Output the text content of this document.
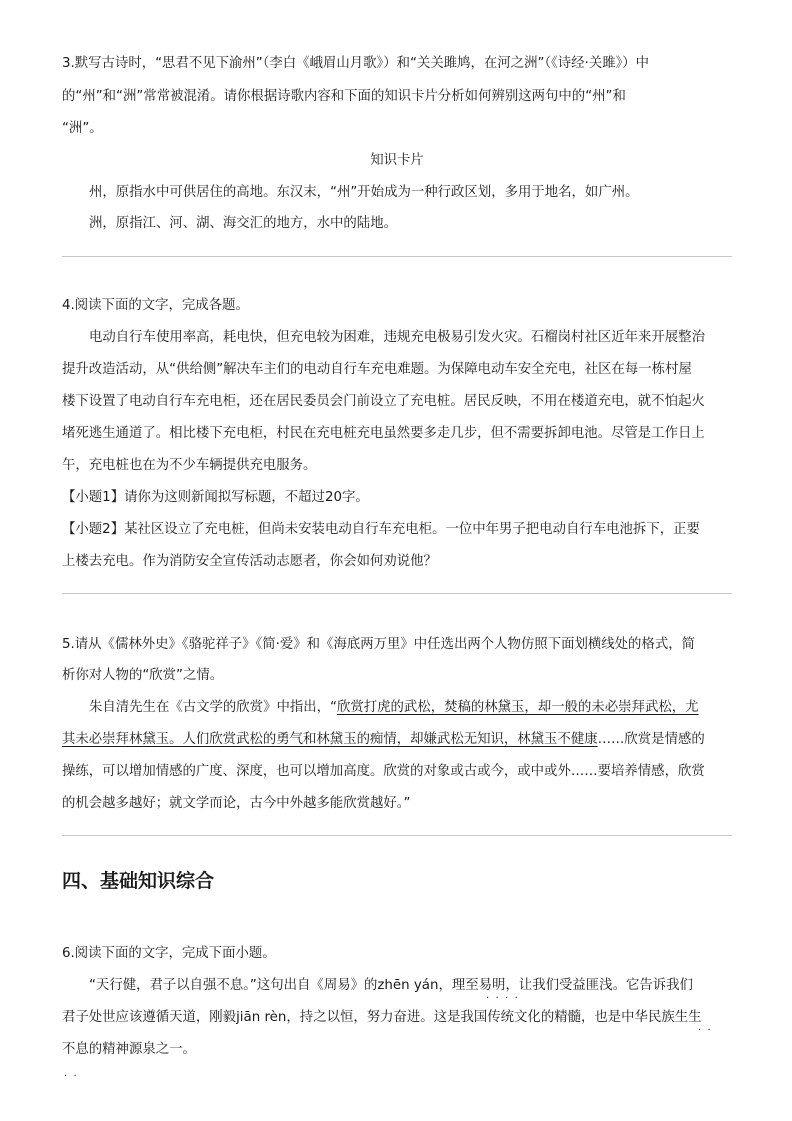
3.默写古诗时，“思君不见下渝州”（李白《峨眉山月歌》）和“关关雎鸠，在河之洲”（《诗经·关雎》）中
的“州”和“洲”常常被混淆。请你根据诗歌内容和下面的知识卡片分析如何辨别这两句中的“州”和
“洲”。
知识卡片
州，原指水中可供居住的高地。东汉末，“州”开始成为一种行政区划，多用于地名，如广州。
洲，原指江、河、湖、海交汇的地方，水中的陆地。
4.阅读下面的文字，完成各题。
电动自行车使用率高，耗电快，但充电较为困难，违规充电极易引发火灾。石榴岗村社区近年来开展整治
提升改造活动，从“供给侧”解决车主们的电动自行车充电难题。为保障电动车安全充电，社区在每一栋村屋
楼下设置了电动自行车充电柜，还在居民委员会门前设立了充电桩。居民反映，不用在楼道充电，就不怕起火
堵死逃生通道了。相比楼下充电柜，村民在充电桩充电虽然要多走几步，但不需要拆卸电池。尽管是工作日上
午，充电桩也在为不少车辆提供充电服务。
【小题1】请你为这则新闻拟写标题，不超过20字。
【小题2】某社区设立了充电桩，但尚未安装电动自行车充电柜。一位中年男子把电动自行车电池拆下，正要
上楼去充电。作为消防安全宣传活动志愿者，你会如何劝说他？
5.请从《儒林外史》《骆驼祥子》《简·爱》和《海底两万里》中任选出两个人物仿照下面划横线处的格式，简
析你对人物的“欣赏”之情。
朱自清先生在《古文学的欣赏》中指出，“欣赏打虎的武松，焚稿的林黛玉，却一般的未必崇拜武松，尤
其未必崇拜林黛玉。人们欣赏武松的勇气和林黛玉的痴情，却嫌武松无知识，林黛玉不健康……欣赏是情感的
操练，可以增加情感的广度、深度，也可以增加高度。欣赏的对象或古或今，或中或外……要培养情感，欣赏
的机会越多越好；就文学而论，古今中外越多能欣赏越好。”
四、基础知识综合
6.阅读下面的文字，完成下面小题。
“天行健，君子以自强不息。”这句出自《周易》的zhēn yán，理至易明，让我们受益匪浅。它告诉我们
·  ·  ·  ·
君子处世应该遵循天道，刚毅jiān rèn，持之以恒，努力奋进。这是我国传统文化的精髓，也是中华民族生生
·  ·
不息的精神源泉之一。
·  ·
